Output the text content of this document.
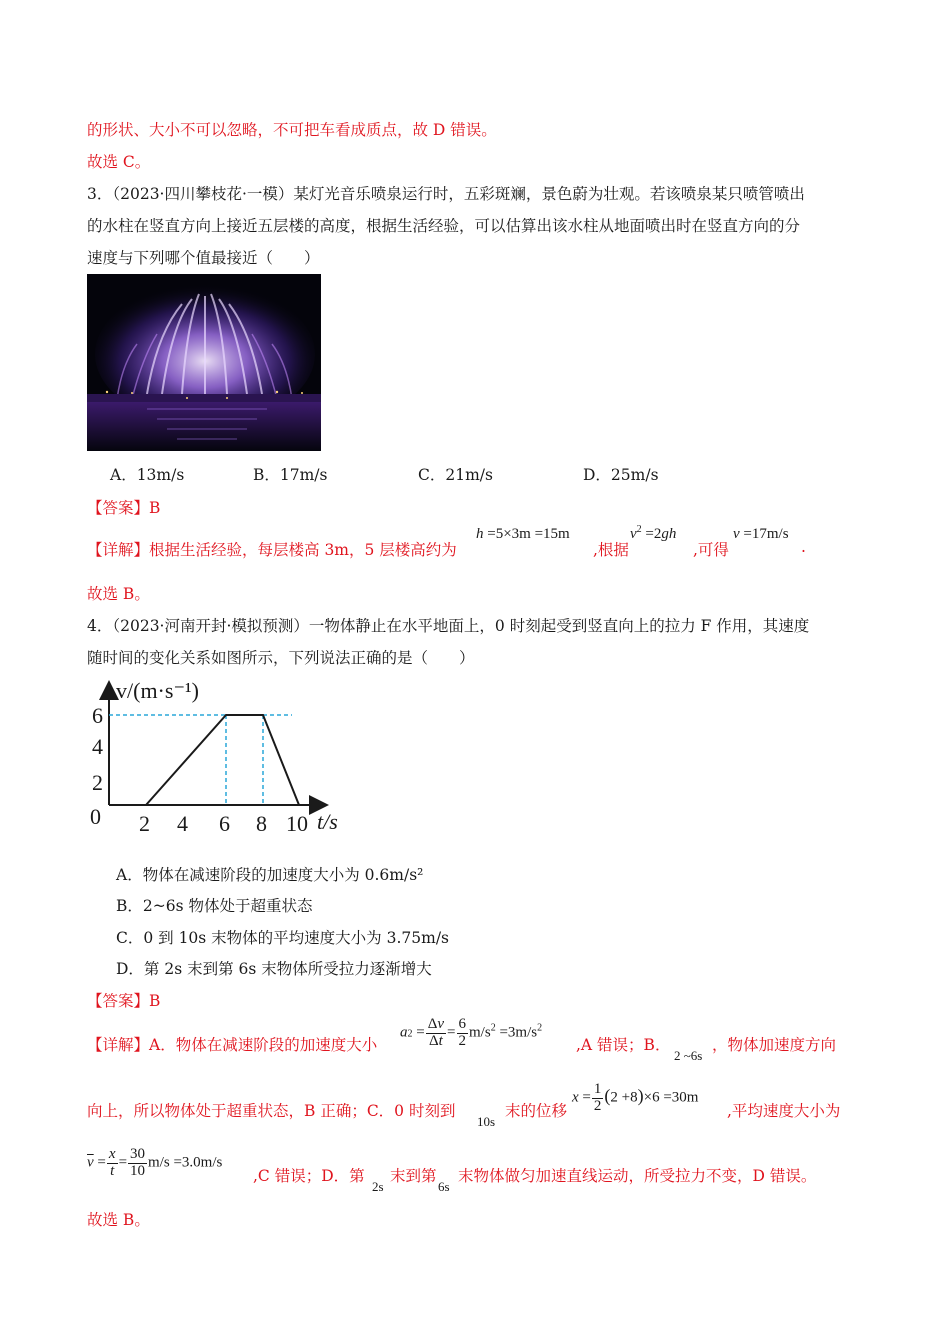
的形状、大小不可以忽略，不可把车看成质点，故 D 错误。
故选 C。
3．（2023·四川攀枝花·一模）某灯光音乐喷泉运行时，五彩斑斓，景色蔚为壮观。若该喷泉某只喷管喷出
的水柱在竖直方向上接近五层楼的高度，根据生活经验，可以估算出该水柱从地面喷出时在竖直方向的分
速度与下列哪个值最接近（　　）
A．13m/s	B．17m/s	C．21m/s	D．25m/s
【答案】B
【详解】根据生活经验，每层楼高 3m，5 层楼高约为
h =5×3m =15m
,根据
$v^2 =2gh$
,可得
v =17m/s
.
故选 B。
4．（2023·河南开封·模拟预测）一物体静止在水平地面上，0 时刻起受到竖直向上的拉力 F 作用，其速度
随时间的变化关系如图所示，下列说法正确的是（　　）
v/(m·s⁻¹)
t/s
0
2
4
6
2 4 6 8 10
A．物体在减速阶段的加速度大小为 0.6m/s²
B．2~6s 物体处于超重状态
C．0 到 10s 末物体的平均速度大小为 3.75m/s
D．第 2s 末到第 6s 末物体所受拉力逐渐增大
【答案】B
【详解】A．物体在减速阶段的加速度大小
$a2 = \frac{\Delta v}{\Delta t} = \frac{6}{2} m/s^2 =3m/s^2$
,A 错误；B．
$_{2 \sim 6s}$
，物体加速度方向
向上，所以物体处于超重状态，B 正确；C．0 时刻到
$_{10s}$
末的位移
$x = \frac{1}{2} (2 +8)\times 6 =30m$
,平均速度大小为
$\overline{v} = \frac{x}{t} = \frac{30}{10} m/s =3.0m/s$
,C 错误；D．第
$_{2s}$
末到第
$_{6s}$
末物体做匀加速直线运动，所受拉力不变，D 错误。
故选 B。
